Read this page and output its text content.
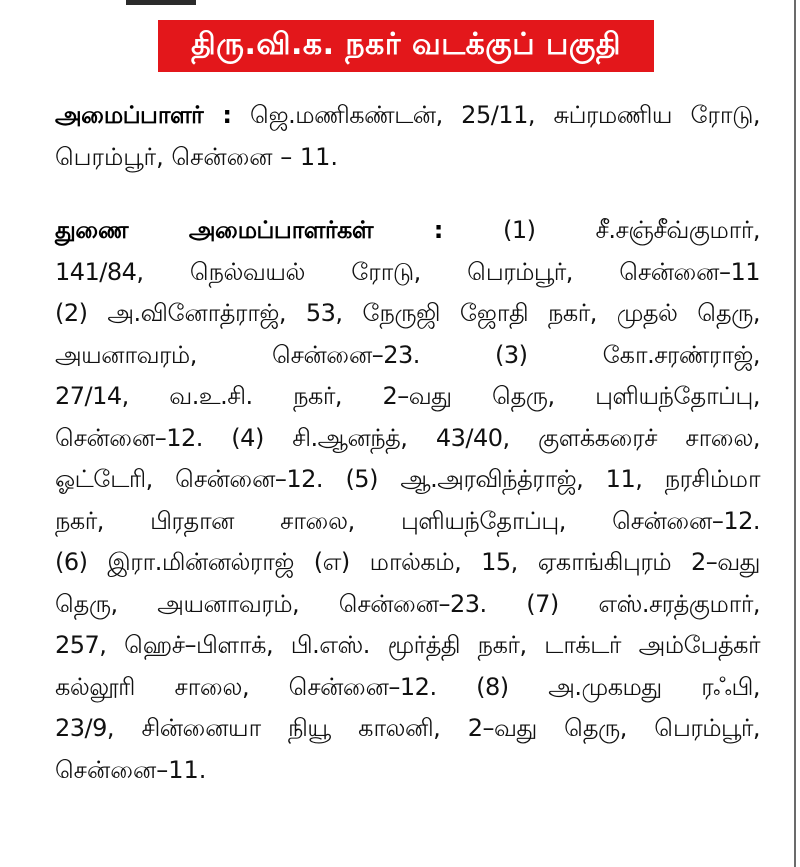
திரு.வி.க. நகர் வடக்குப் பகுதி
அமைப்பாளர் : ஜெ.மணிகண்டன், 25/11, சுப்ரமணிய ரோடு,
பெரம்பூர், சென்னை – 11.
துணை அமைப்பாளர்கள் :	(1) சீ.சஞ்சீவ்குமார்,
141/84, நெல்வயல் ரோடு, பெரம்பூர், சென்னை–11
(2) அ.வினோத்ராஜ், 53, நேருஜி ஜோதி நகர், முதல் தெரு,
அயனாவரம், சென்னை–23. (3) கோ.சரண்ராஜ்,
27/14, வ.உ.சி. நகர், 2–வது தெரு, புளியந்தோப்பு,
சென்னை–12. (4) சி.ஆனந்த், 43/40, குளக்கரைச் சாலை,
ஓட்டேரி, சென்னை–12. (5) ஆ.அரவிந்த்ராஜ், 11, நரசிம்மா
நகர், பிரதான சாலை, புளியந்தோப்பு, சென்னை–12.
(6) இரா.மின்னல்ராஜ் (எ) மால்கம், 15, ஏகாங்கிபுரம் 2–வது
தெரு, அயனாவரம், சென்னை–23. (7) எஸ்.சரத்குமார்,
257, ஹெச்–பிளாக், பி.எஸ். மூர்த்தி நகர், டாக்டர் அம்பேத்கர்
கல்லூரி சாலை, சென்னை–12. (8) அ.முகமது ரஃபி,
23/9, சின்னையா நியூ காலனி, 2–வது தெரு, பெரம்பூர்,
சென்னை–11.
